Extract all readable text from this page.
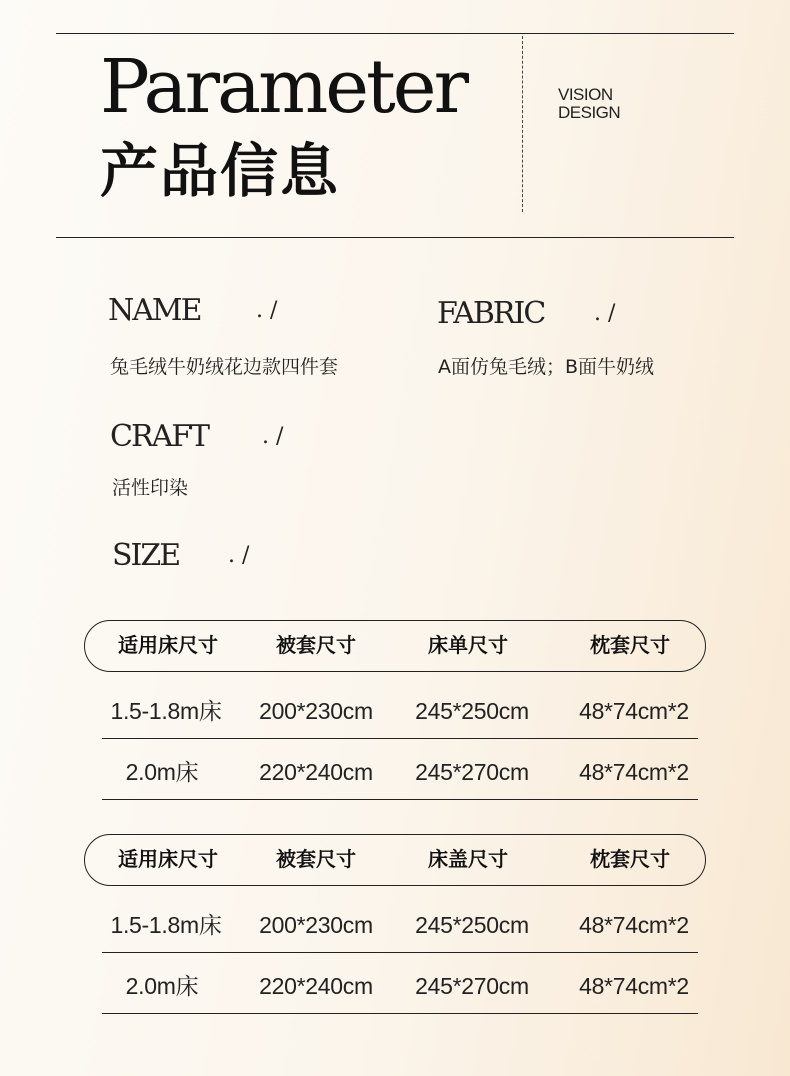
Parameter
产品信息
VISION
DESIGN
NAME	. /
兔毛绒牛奶绒花边款四件套
FABRIC . /
A面仿兔毛绒；B面牛奶绒
CRAFT . /
活性印染
SIZE . /
适用床尺寸	被套尺寸	床单尺寸	枕套尺寸
1.5-1.8m床	200*230cm	245*250cm	48*74cm*2
2.0m床	220*240cm	245*270cm	48*74cm*2
适用床尺寸	被套尺寸	床盖尺寸	枕套尺寸
1.5-1.8m床	200*230cm	245*250cm	48*74cm*2
2.0m床	220*240cm	245*270cm	48*74cm*2
